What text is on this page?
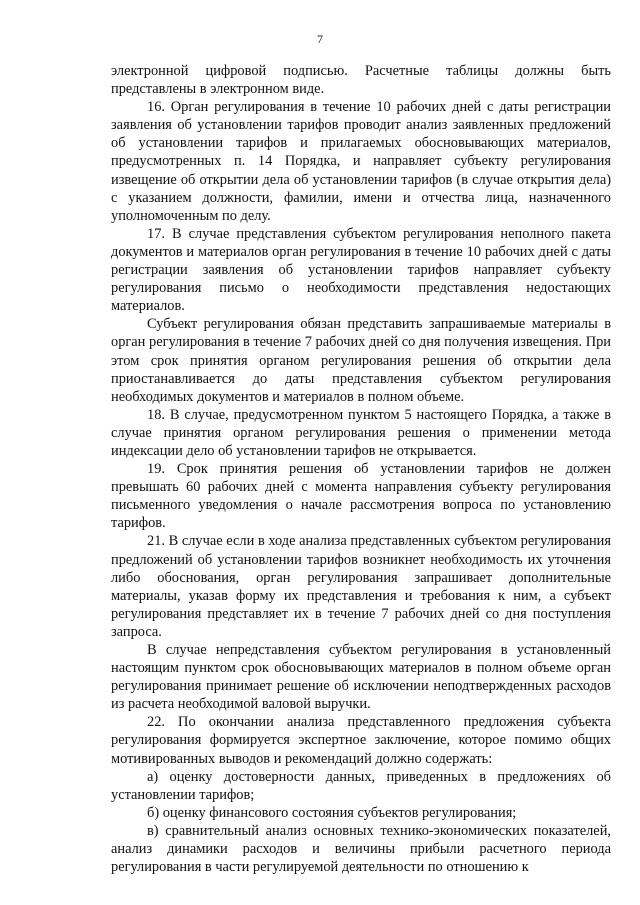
7

электронной цифровой подписью. Расчетные таблицы должны быть представлены в электронном виде.

16. Орган регулирования в течение 10 рабочих дней с даты регистрации заявления об установлении тарифов проводит анализ заявленных предложений об установлении тарифов и прилагаемых обосновывающих материалов, предусмотренных п. 14 Порядка, и направляет субъекту регулирования извещение об открытии дела об установлении тарифов (в случае открытия дела) с указанием должности, фамилии, имени и отчества лица, назначенного уполномоченным по делу.

17. В случае представления субъектом регулирования неполного пакета документов и материалов орган регулирования в течение 10 рабочих дней с даты регистрации заявления об установлении тарифов направляет субъекту регулирования письмо о необходимости представления недостающих материалов.

Субъект регулирования обязан представить запрашиваемые материалы в орган регулирования в течение 7 рабочих дней со дня получения извещения. При этом срок принятия органом регулирования решения об открытии дела приостанавливается до даты представления субъектом регулирования необходимых документов и материалов в полном объеме.

18. В случае, предусмотренном пунктом 5 настоящего Порядка, а также в случае принятия органом регулирования решения о применении метода индексации дело об установлении тарифов не открывается.

19. Срок принятия решения об установлении тарифов не должен превышать 60 рабочих дней с момента направления субъекту регулирования письменного уведомления о начале рассмотрения вопроса по установлению тарифов.

21. В случае если в ходе анализа представленных субъектом регулирования предложений об установлении тарифов возникнет необходимость их уточнения либо обоснования, орган регулирования запрашивает дополнительные материалы, указав форму их представления и требования к ним, а субъект регулирования представляет их в течение 7 рабочих дней со дня поступления запроса.

В случае непредставления субъектом регулирования в установленный настоящим пунктом срок обосновывающих материалов в полном объеме орган регулирования принимает решение об исключении неподтвержденных расходов из расчета необходимой валовой выручки.

22. По окончании анализа представленного предложения субъекта регулирования формируется экспертное заключение, которое помимо общих мотивированных выводов и рекомендаций должно содержать:

а) оценку достоверности данных, приведенных в предложениях об установлении тарифов;

б) оценку финансового состояния субъектов регулирования;

в) сравнительный анализ основных технико-экономических показателей, анализ динамики расходов и величины прибыли расчетного периода регулирования в части регулируемой деятельности по отношению к
